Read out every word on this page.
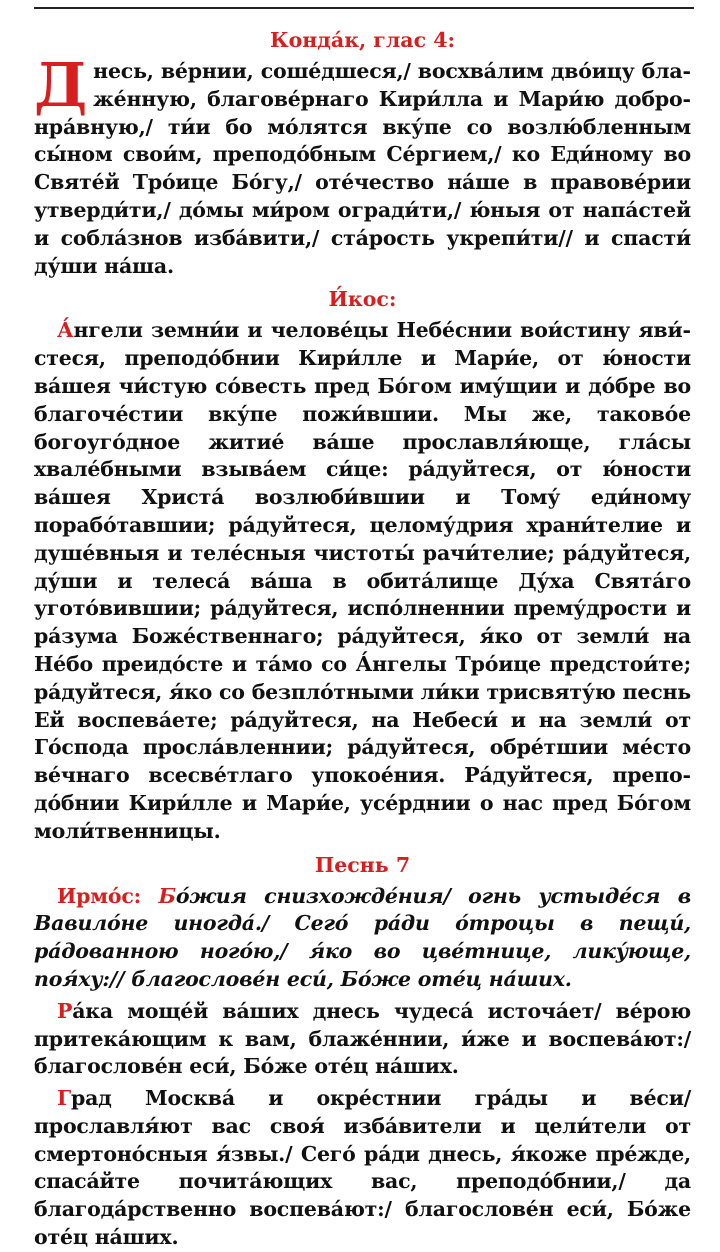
Конда́к, глас 4:

Днесь, ве́рнии, соше́дшеся,/ восхва́лим дво́ицу блаже́нную, благове́рнаго Кири́лла и Мари́ю добронра́вную,/ ти́и бо мо́лятся вку́пе со возлю́бленным сы́ном свои́м, преподо́бным Се́ргием,/ ко Еди́ному во Святе́й Тро́ице Бо́гу,/ оте́чество на́ше в правове́рии утверди́ти,/ до́мы ми́ром огради́ти,/ ю́ныя от напа́стей и соблáзнов изба́вити,/ ста́рость укрепи́ти// и спасти́ ду́ши на́ша.

И́кос:

А́нгели земни́и и челове́цы Небе́снии вои́стину яви́стеся, преподо́бнии Кири́лле и Мари́е, от ю́ности ва́шея чи́стую со́весть пред Бо́гом иму́щии и до́бре во благоче́стии вку́пе пожи́вшии. Мы же, таково́е богоуго́дное житие́ ва́ше прославля́юще, гла́сы хвале́бными взыва́ем си́це: ра́дуйтеся, от ю́ности ва́шея Христа́ возлюби́вшии и Тому́ еди́ному порабо́тавшии; ра́дуйтеся, целому́дрия храни́телие и душе́вныя и теле́сныя чистоты́ рачи́телие; ра́дуйтеся, ду́ши и телеса́ ва́ша в обита́лище Ду́ха Свята́го угото́вившии; ра́дуйтеся, испо́лненнии прему́дрости и ра́зума Боже́ственнаго; ра́дуйтеся, я́ко от земли́ на Не́бо преидо́сте и та́мо со А́нгелы Тро́ице предстои́те; ра́дуйтеся, я́ко со безпло́тными ли́ки трисвяту́ю песнь Ей воспева́ете; ра́дуйтеся, на Небеси́ и на земли́ от Го́спода просла́вленнии; ра́дуйтеся, обре́тшии ме́сто ве́чнаго всесве́тлаго упокое́ния. Ра́дуйтеся, преподо́бнии Кири́лле и Мари́е, усе́рднии о нас пред Бо́гом моли́твенницы.

Песнь 7

Ирмо́с: Бо́жия снизхожде́ния/ огнь устыде́ся в Вавило́не иногда́./ Сего́ ра́ди о́троцы в пещи́, ра́дованною ного́ю,/ я́ко во цве́тнице, лику́юще, поя́ху:// благослове́н еси́, Бо́же оте́ц на́ших.

Ра́ка моще́й ва́ших днесь чудеса́ источа́ет/ ве́рою притека́ющим к вам, блаже́ннии, и́же и воспева́ют:/ благослове́н еси́, Бо́же оте́ц на́ших.

Град Москва́ и окре́стнии гра́ды и ве́си/ прославля́ют вас своя́ изба́вители и цели́тели от смертоно́сныя я́звы./ Сего́ ра́ди днесь, я́коже пре́жде, спаса́йте почита́ющих вас, преподо́бнии,/ да благода́рственно воспева́ют:/ благослове́н еси́, Бо́же оте́ц на́ших.
